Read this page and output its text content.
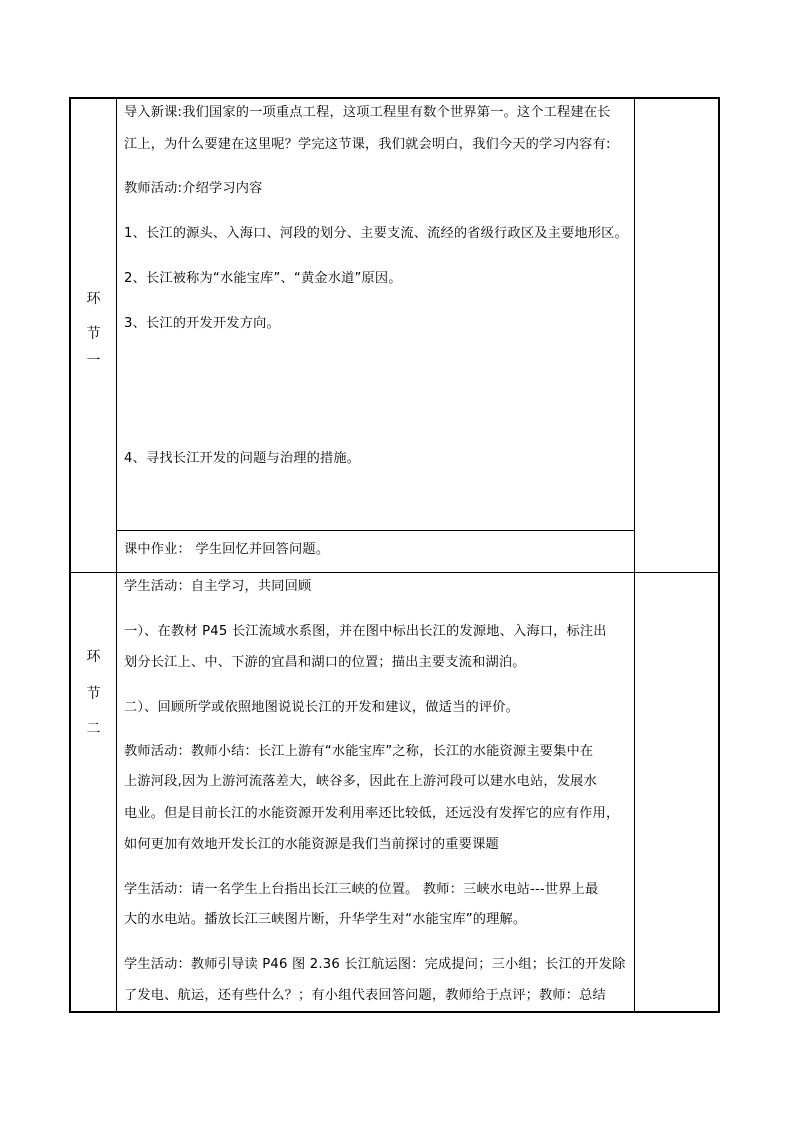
环
节
一
导入新课:我们国家的一项重点工程，这项工程里有数个世界第一。这个工程建在长
江上，为什么要建在这里呢？学完这节课，我们就会明白，我们今天的学习内容有:
教师活动:介绍学习内容
1、长江的源头、入海口、河段的划分、主要支流、流经的省级行政区及主要地形区。
2、长江被称为“水能宝库”、“黄金水道”原因。
3、长江的开发开发方向。
4、寻找长江开发的问题与治理的措施。
课中作业： 学生回忆并回答问题。
环
节
二
学生活动：自主学习，共同回顾
一）、在教材 P45 长江流域水系图，并在图中标出长江的发源地、入海口，标注出
划分长江上、中、下游的宜昌和湖口的位置；描出主要支流和湖泊。
二）、回顾所学或依照地图说说长江的开发和建议，做适当的评价。
教师活动：教师小结：长江上游有“水能宝库”之称，长江的水能资源主要集中在
上游河段,因为上游河流落差大，峡谷多，因此在上游河段可以建水电站，发展水
电业。但是目前长江的水能资源开发利用率还比较低，还远没有发挥它的应有作用，
如何更加有效地开发长江的水能资源是我们当前探讨的重要课题
学生活动：请一名学生上台指出长江三峡的位置。 教师：三峡水电站---世界上最
大的水电站。播放长江三峡图片断，升华学生对“水能宝库”的理解。
学生活动：教师引导读 P46 图 2.36 长江航运图：完成提问；三小组；长江的开发除
了发电、航运，还有些什么？；有小组代表回答问题，教师给于点评；教师：总结
